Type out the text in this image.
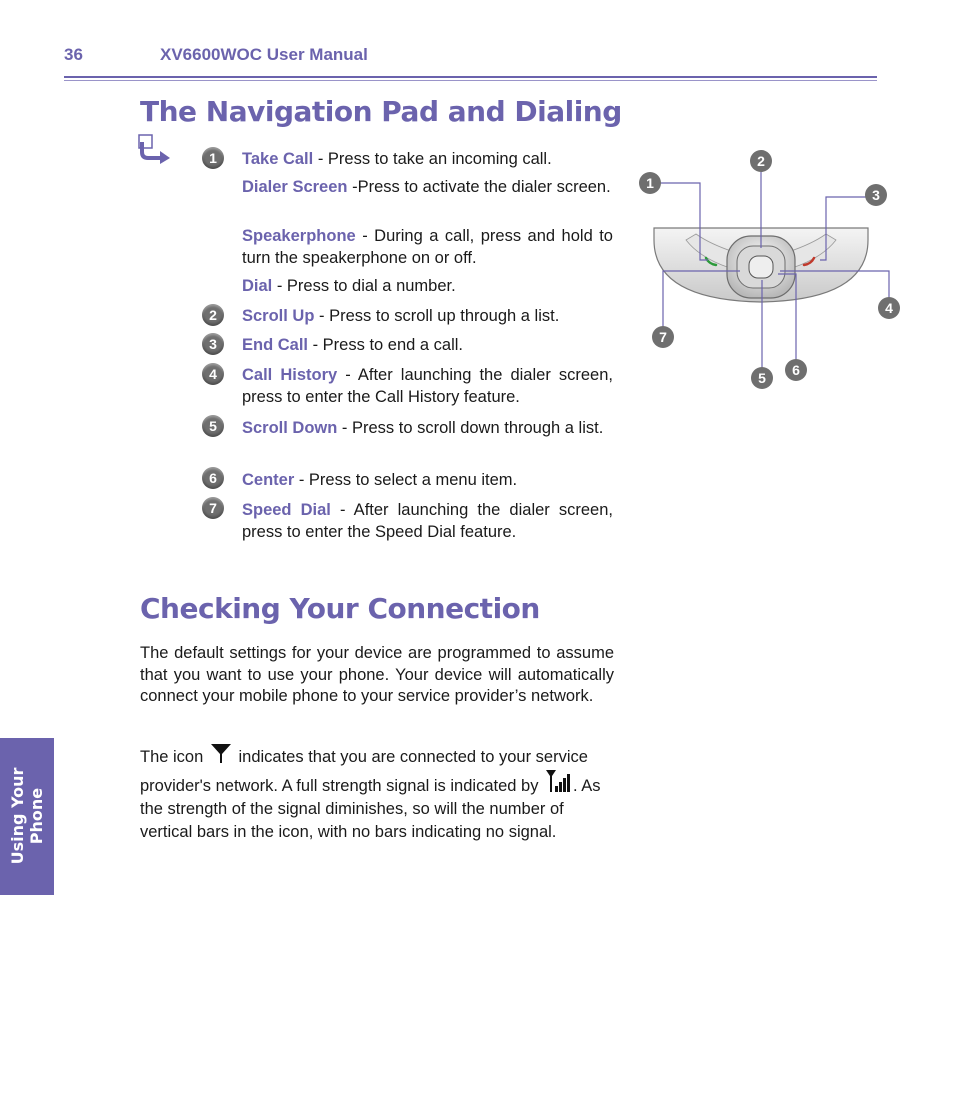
36	XV6600WOC User Manual
The Navigation Pad and Dialing
1	Take Call - Press to take an incoming call.
Dialer Screen -Press to activate the dialer screen.
Speakerphone - During a call, press and hold to turn the speakerphone on or off.
Dial - Press to dial a number.
2	Scroll Up - Press to scroll up through a list.
3	End Call - Press to end a call.
4	Call History - After launching the dialer screen, press to enter the Call History feature.
5	Scroll Down - Press to scroll down through a list.
6	Center - Press to select a menu item.
7	Speed Dial - After launching the dialer screen, press to enter the Speed Dial feature.
1
2
3
4
5 6
7
Checking Your Connection
The default settings for your device are programmed to assume that you want to use your phone. Your device will automatically connect your mobile phone to your service provider’s network.
The icon indicates that you are connected to your service provider's network. A full strength signal is indicated by . As the strength of the signal diminishes, so will the number of vertical bars in the icon, with no bars indicating no signal.
Using Your Phone
